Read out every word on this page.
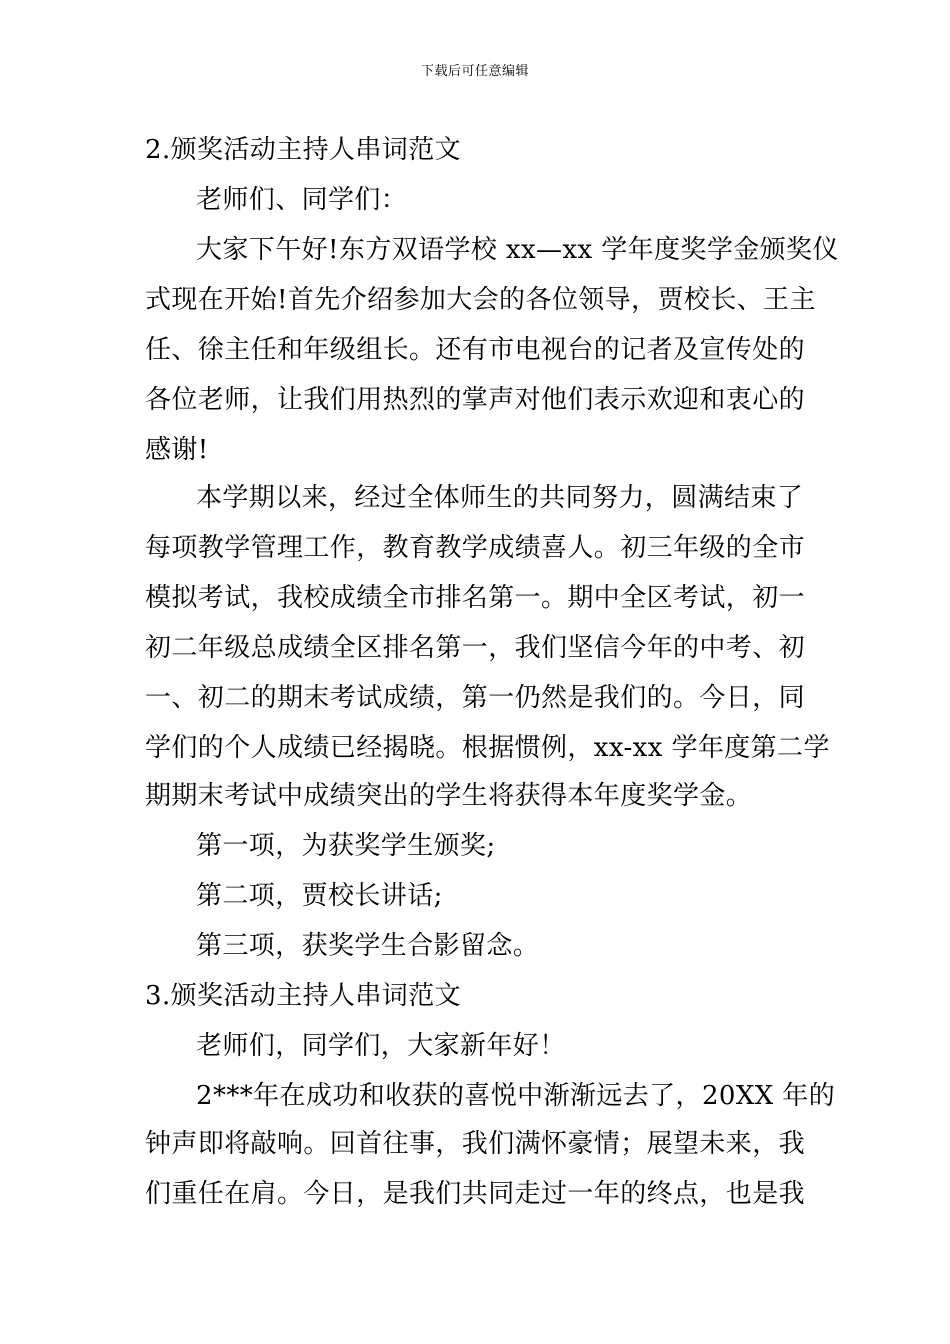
下载后可任意编辑
2.颁奖活动主持人串词范文
老师们、同学们：
大家下午好!东方双语学校 xx—xx 学年度奖学金颁奖仪
式现在开始!首先介绍参加大会的各位领导，贾校长、王主
任、徐主任和年级组长。还有市电视台的记者及宣传处的
各位老师，让我们用热烈的掌声对他们表示欢迎和衷心的
感谢!
本学期以来，经过全体师生的共同努力，圆满结束了
每项教学管理工作，教育教学成绩喜人。初三年级的全市
模拟考试，我校成绩全市排名第一。期中全区考试，初一
初二年级总成绩全区排名第一，我们坚信今年的中考、初
一、初二的期末考试成绩，第一仍然是我们的。今日，同
学们的个人成绩已经揭晓。根据惯例，xx-xx 学年度第二学
期期末考试中成绩突出的学生将获得本年度奖学金。
第一项，为获奖学生颁奖;
第二项，贾校长讲话;
第三项，获奖学生合影留念。
3.颁奖活动主持人串词范文
老师们，同学们，大家新年好！
2***年在成功和收获的喜悦中渐渐远去了，20XX 年的
钟声即将敲响。回首往事，我们满怀豪情；展望未来，我
们重任在肩。今日，是我们共同走过一年的终点，也是我
